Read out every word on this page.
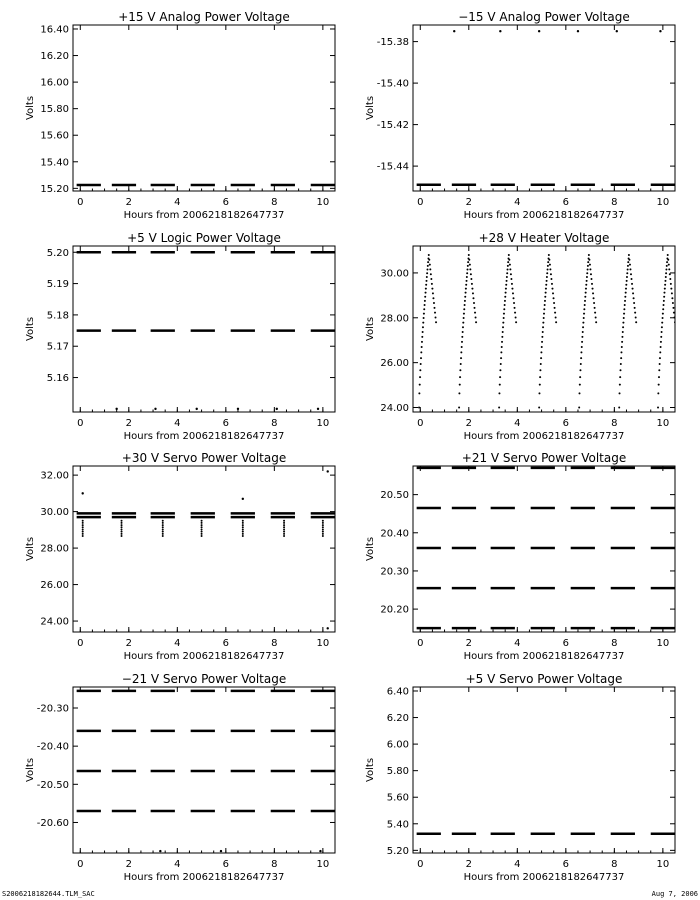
+15 V Analog Power Voltage
0	2	4	6	8	10
15.20
15.40
15.60
15.80
16.00
16.20
16.40
Hours from 2006218182647737
Volts
−15 V Analog Power Voltage
0	2	4	6	8	10
-15.44
-15.42
-15.40
-15.38
Hours from 2006218182647737
Volts
+5 V Logic Power Voltage
0	2	4	6	8	10
5.16
5.17
5.18
5.19
5.20
Hours from 2006218182647737
Volts
+28 V Heater Voltage
0	2	4	6	8	10
24.00
26.00
28.00
30.00
Hours from 2006218182647737
Volts
+30 V Servo Power Voltage
0	2	4	6	8	10
24.00
26.00
28.00
30.00
32.00
Hours from 2006218182647737
Volts
+21 V Servo Power Voltage
0	2	4	6	8	10
20.20
20.30
20.40
20.50
Hours from 2006218182647737
Volts
−21 V Servo Power Voltage
0	2	4	6	8	10
-20.60
-20.50
-20.40
-20.30
Hours from 2006218182647737
Volts
+5 V Servo Power Voltage
0	2	4	6	8	10
5.20
5.40
5.60
5.80
6.00
6.20
6.40
Hours from 2006218182647737
Volts
S2006218182644.TLM_SAC	Aug 7, 2006
